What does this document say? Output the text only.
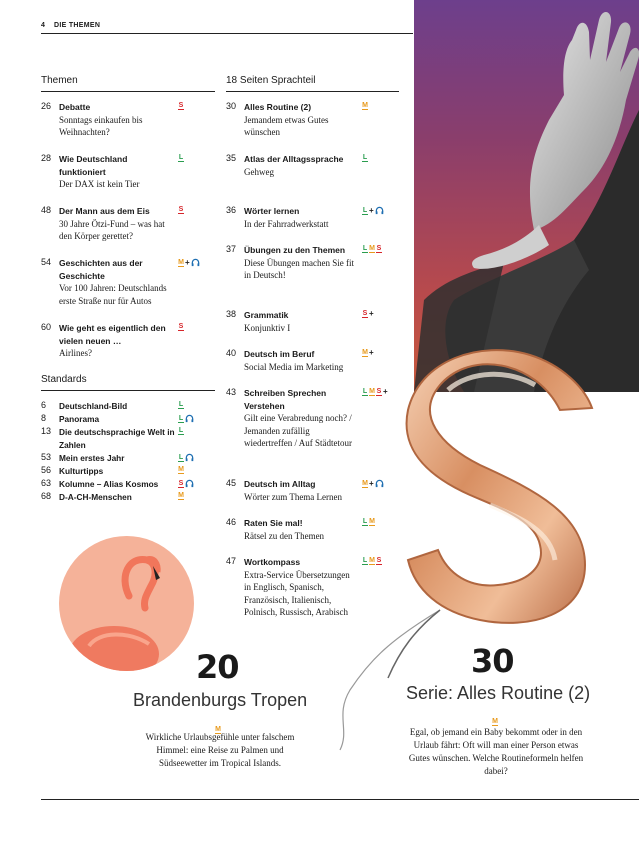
4 DIE THEMEN
Themen
26 Debatte
Sonntags einkaufen bis Weihnachten?
S
28 Wie Deutschland funktioniert
Der DAX ist kein Tier
L
48 Der Mann aus dem Eis
30 Jahre Ötzi-Fund – was hat den Körper gerettet?
S
54 Geschichten aus der Geschichte
Vor 100 Jahren: Deutschlands erste Straße nur für Autos
M +
60 Wie geht es eigentlich den vielen neuen …
Airlines?
S
Standards
6 Deutschland-Bild	L
8 Panorama	L
13 Die deutschsprachige Welt in Zahlen
L
53 Mein erstes Jahr	L
56 Kulturtipps	M
63 Kolumne – Alias Kosmos	S
68 D-A-CH-Menschen	M
18 Seiten Sprachteil
30 Alles Routine (2)
Jemandem etwas Gutes wünschen
M
35 Atlas der Alltagssprache
Gehweg
L
36 Wörter lernen
In der Fahrradwerkstatt
L +
37 Übungen zu den Themen
Diese Übungen machen Sie fit in Deutsch!
L M S
38 Grammatik
Konjunktiv I
S +
40 Deutsch im Beruf
Social Media im Marketing
M +
43 Schreiben Sprechen Verstehen
Gilt eine Verabredung noch? / Jemanden zufällig wiedertreffen / Auf Städtetour
L M S +
45 Deutsch im Alltag
Wörter zum Thema Lernen
M +
46 Raten Sie mal!
Rätsel zu den Themen
L M
47 Wortkompass
Extra-Service Übersetzungen in Englisch, Spanisch, Französisch, Italienisch, Polnisch, Russisch, Arabisch
L M S
20
Brandenburgs Tropen
M
Wirkliche Urlaubsgefühle unter falschem Himmel: eine Reise zu Palmen und Südseewetter im Tropical Islands.
30
Serie: Alles Routine (2)
M
Egal, ob jemand ein Baby bekommt oder in den Urlaub fährt: Oft will man einer Person etwas Gutes wünschen. Welche Routineformeln helfen dabei?
